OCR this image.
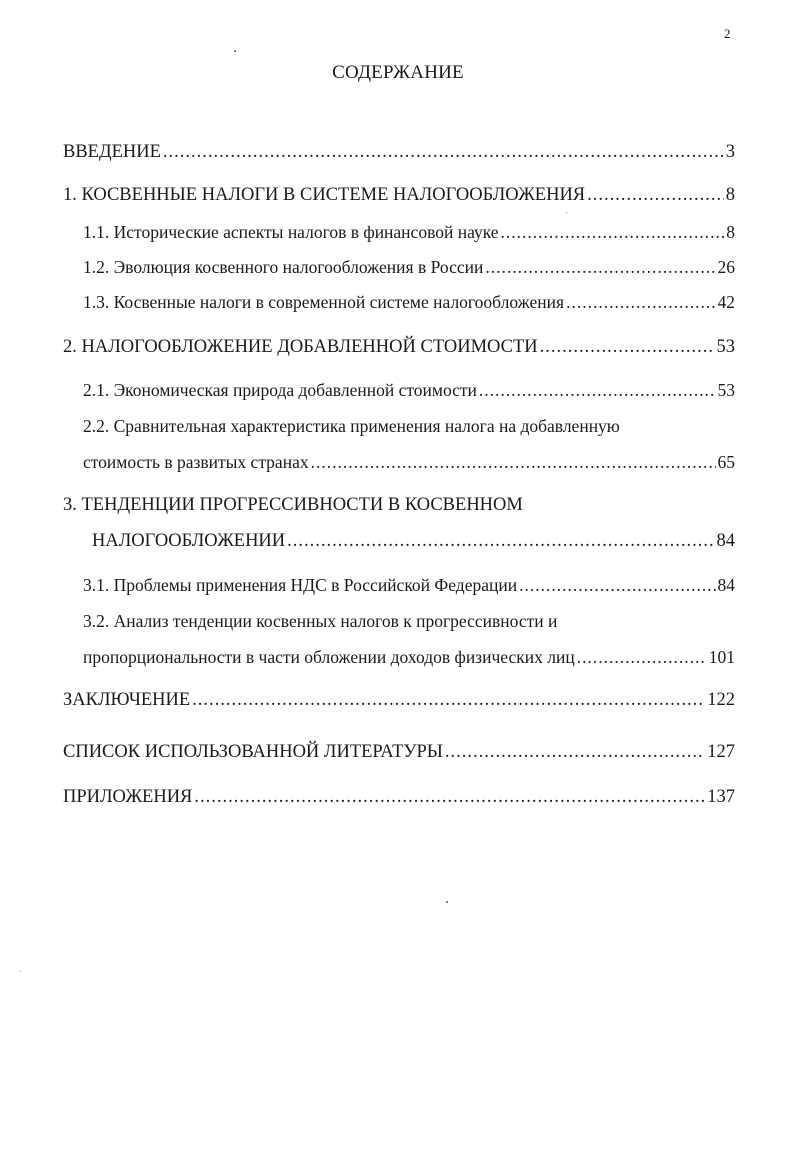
2
СОДЕРЖАНИЕ
ВВЕДЕНИЕ .....	3
1. КОСВЕННЫЕ НАЛОГИ В СИСТЕМЕ НАЛОГООБЛОЖЕНИЯ .....	8
1.1. Исторические аспекты налогов в финансовой науке .....	8
1.2. Эволюция косвенного налогообложения в России .....	26
1.3. Косвенные налоги в современной системе налогообложения .....	42
2. НАЛОГООБЛОЖЕНИЕ ДОБАВЛЕННОЙ СТОИМОСТИ .....	53
2.1. Экономическая природа добавленной стоимости .....	53
2.2. Сравнительная характеристика применения налога на добавленную
стоимость в развитых странах .....	65
3. ТЕНДЕНЦИИ ПРОГРЕССИВНОСТИ В КОСВЕННОМ
НАЛОГООБЛОЖЕНИИ .....	84
3.1. Проблемы применения НДС в Российской Федерации .....	84
3.2. Анализ тенденции косвенных налогов к прогрессивности и
пропорциональности в части обложении доходов физических лиц .....	101
ЗАКЛЮЧЕНИЕ .....	122
СПИСОК ИСПОЛЬЗОВАННОЙ ЛИТЕРАТУРЫ .....	127
ПРИЛОЖЕНИЯ .....	137
